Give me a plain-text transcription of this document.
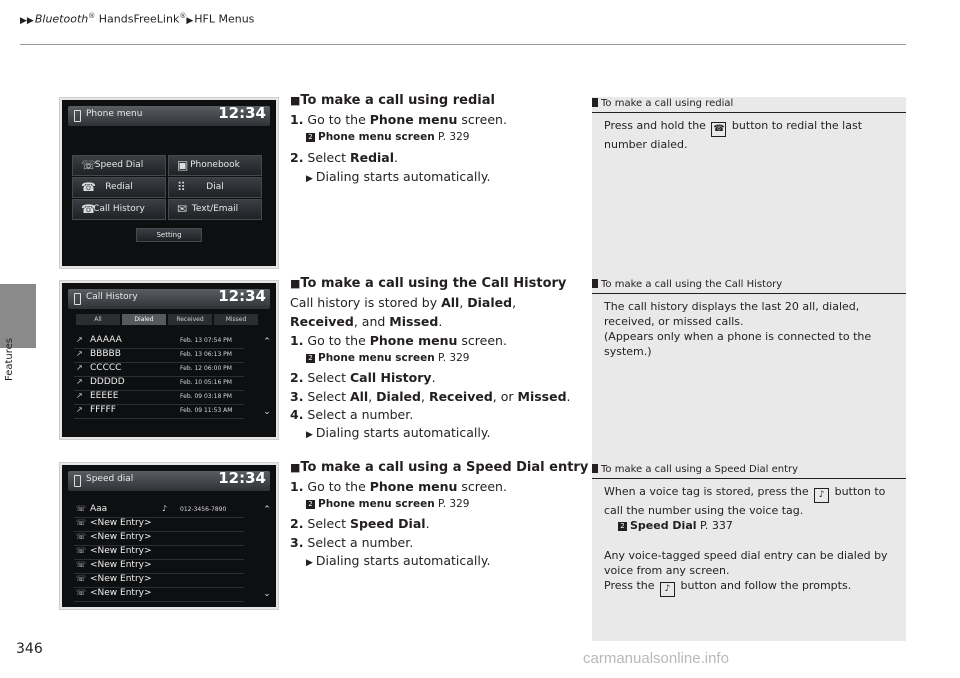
▶▶Bluetooth® HandsFreeLink®▶HFL Menus
Features
346
carmanualsonline.info
Phone menu	12:34
☏
Speed Dial	▣ Phonebook
☎ Redial	⠿ Dial
☎
Call History	✉ Text/Email
Setting
Call History	12:34
All	Dialed	Received	Missed
↗ AAAAA	Feb. 13 07:54 PM
↗ BBBBB	Feb. 13 06:13 PM
↗ CCCCC	Feb. 12 06:00 PM
↗ DDDDD	Feb. 10 05:16 PM
↗ EEEEE	Feb. 09 03:18 PM
↗ FFFFF	Feb. 09 11:53 AM
⌃
⌄
Speed dial	12:34
☏ Aaa	♪ 012-3456-7890
☏ <New Entry>
☏ <New Entry>
☏ <New Entry>
☏ <New Entry>
☏ <New Entry>
☏ <New Entry>
⌃
⌄
■To make a call using redial
1. Go to the Phone menu screen.
2 Phone menu screen P. 329
2. Select Redial.
▶ Dialing starts automatically.
■To make a call using the Call History
Call history is stored by All, Dialed,
Received, and Missed.
1. Go to the Phone menu screen.
2 Phone menu screen P. 329
2. Select Call History.
3. Select All, Dialed, Received, or Missed.
4. Select a number.
▶ Dialing starts automatically.
■To make a call using a Speed Dial entry
1. Go to the Phone menu screen.
2 Phone menu screen P. 329
2. Select Speed Dial.
3. Select a number.
▶ Dialing starts automatically.
To make a call using redial
Press and hold the ☎ button to redial the last
number dialed.
To make a call using the Call History
The call history displays the last 20 all, dialed,
received, or missed calls.
(Appears only when a phone is connected to the
system.)
To make a call using a Speed Dial entry
When a voice tag is stored, press the ♪ button to
call the number using the voice tag.
2 Speed Dial P. 337

Any voice-tagged speed dial entry can be dialed by
voice from any screen.
Press the ♪ button and follow the prompts.
